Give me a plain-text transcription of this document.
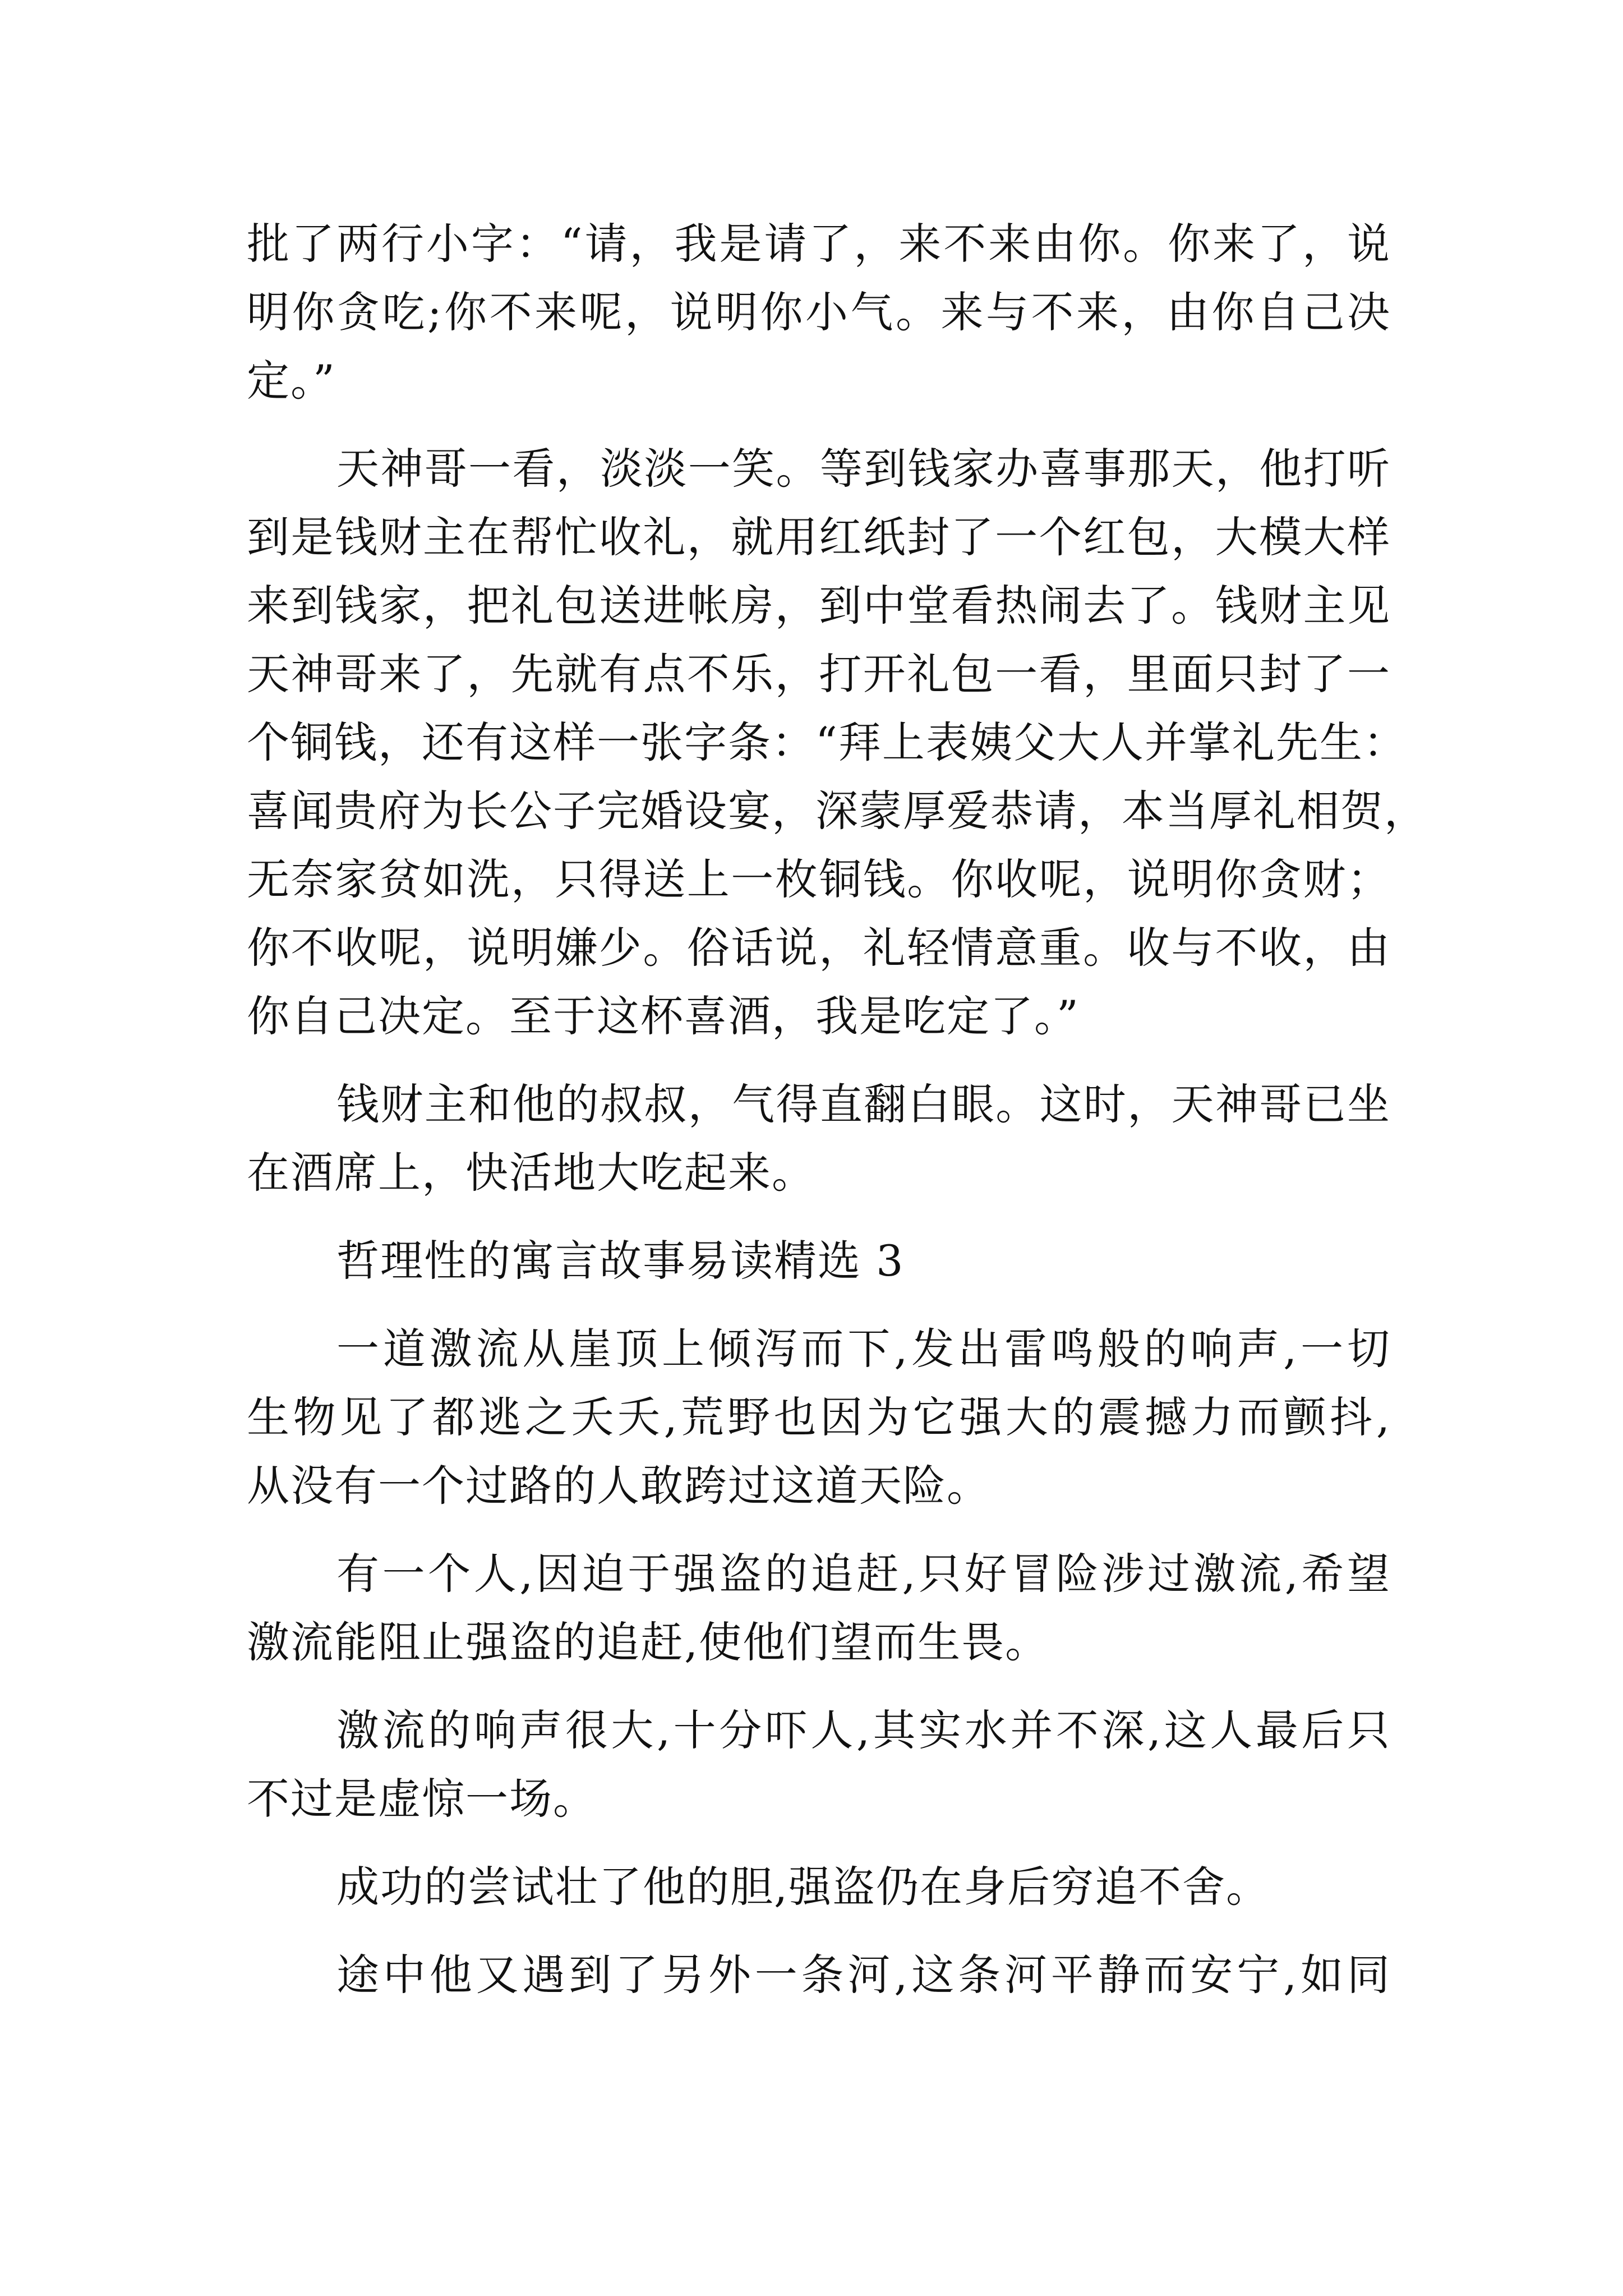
批了两行小字：“请，我是请了，来不来由你。你来了，说
明你贪吃;你不来呢，说明你小气。来与不来，由你自己决
定。”
天神哥一看，淡淡一笑。等到钱家办喜事那天，他打听
到是钱财主在帮忙收礼，就用红纸封了一个红包，大模大样
来到钱家，把礼包送进帐房，到中堂看热闹去了。钱财主见
天神哥来了，先就有点不乐，打开礼包一看，里面只封了一
个铜钱，还有这样一张字条：“拜上表姨父大人并掌礼先生：
喜闻贵府为长公子完婚设宴，深蒙厚爱恭请，本当厚礼相贺，
无奈家贫如洗，只得送上一枚铜钱。你收呢，说明你贪财；
你不收呢，说明嫌少。俗话说，礼轻情意重。收与不收，由
你自己决定。至于这杯喜酒，我是吃定了。”
钱财主和他的叔叔，气得直翻白眼。这时，天神哥已坐
在酒席上，快活地大吃起来。
哲理性的寓言故事易读精选 3
一道激流从崖顶上倾泻而下,发出雷鸣般的响声,一切
生物见了都逃之夭夭,荒野也因为它强大的震撼力而颤抖,
从没有一个过路的人敢跨过这道天险。
有一个人,因迫于强盗的追赶,只好冒险涉过激流,希望
激流能阻止强盗的追赶,使他们望而生畏。
激流的响声很大,十分吓人,其实水并不深,这人最后只
不过是虚惊一场。
成功的尝试壮了他的胆,强盗仍在身后穷追不舍。
途中他又遇到了另外一条河,这条河平静而安宁,如同
